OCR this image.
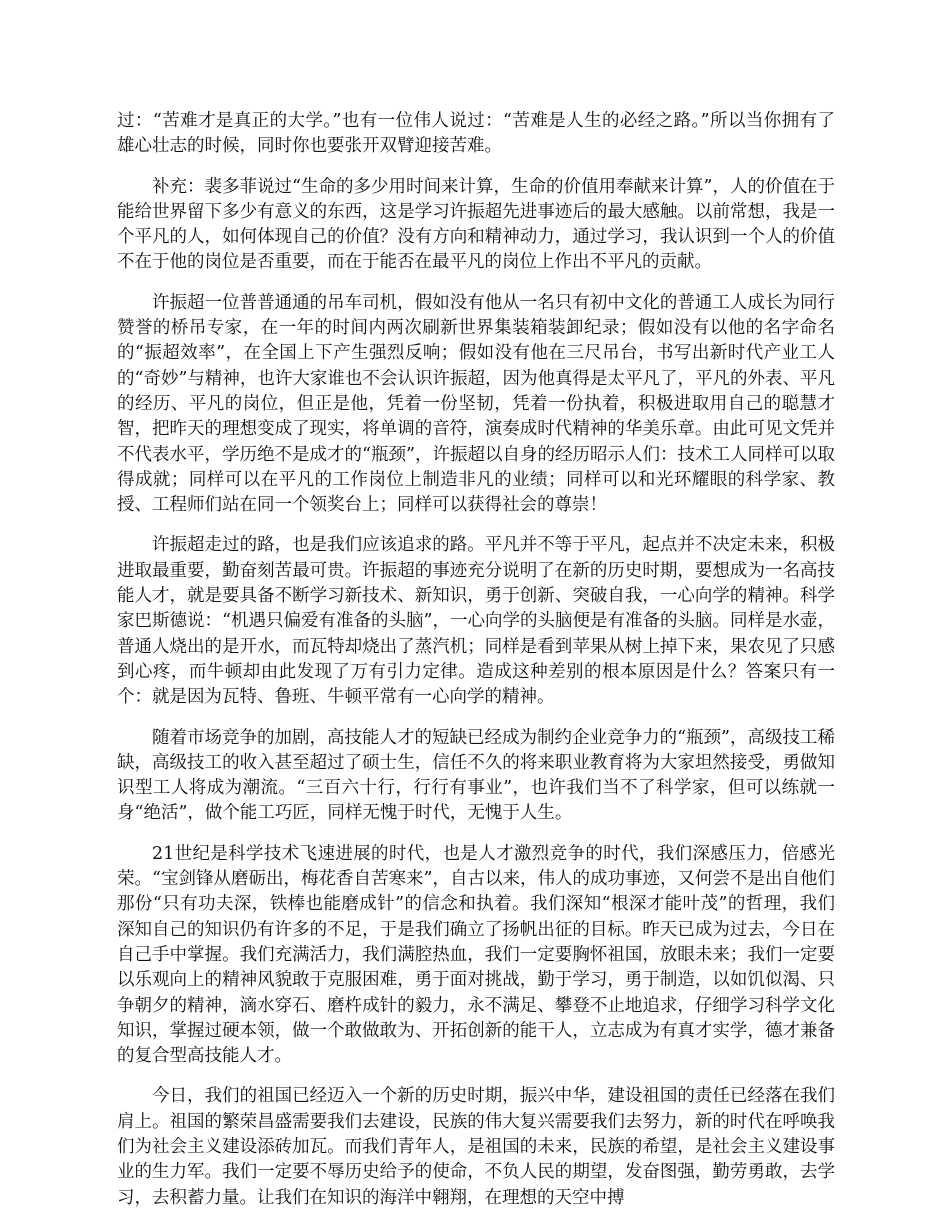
过：“苦难才是真正的大学。”也有一位伟人说过：“苦难是人生的必经之路。”所以当你拥有了雄心壮志的时候，同时你也要张开双臂迎接苦难。

补充：裴多菲说过“生命的多少用时间来计算，生命的价值用奉献来计算”，人的价值在于能给世界留下多少有意义的东西，这是学习许振超先进事迹后的最大感触。以前常想，我是一个平凡的人，如何体现自己的价值？没有方向和精神动力，通过学习，我认识到一个人的价值不在于他的岗位是否重要，而在于能否在最平凡的岗位上作出不平凡的贡献。

许振超一位普普通通的吊车司机，假如没有他从一名只有初中文化的普通工人成长为同行赞誉的桥吊专家，在一年的时间内两次刷新世界集装箱装卸纪录；假如没有以他的名字命名的“振超效率”，在全国上下产生强烈反响；假如没有他在三尺吊台，书写出新时代产业工人的“奇妙”与精神，也许大家谁也不会认识许振超，因为他真得是太平凡了，平凡的外表、平凡的经历、平凡的岗位，但正是他，凭着一份坚韧，凭着一份执着，积极进取用自己的聪慧才智，把昨天的理想变成了现实，将单调的音符，演奏成时代精神的华美乐章。由此可见文凭并不代表水平，学历绝不是成才的“瓶颈”，许振超以自身的经历昭示人们：技术工人同样可以取得成就；同样可以在平凡的工作岗位上制造非凡的业绩；同样可以和光环耀眼的科学家、教授、工程师们站在同一个领奖台上；同样可以获得社会的尊崇！

许振超走过的路，也是我们应该追求的路。平凡并不等于平凡，起点并不决定未来，积极进取最重要，勤奋刻苦最可贵。许振超的事迹充分说明了在新的历史时期，要想成为一名高技能人才，就是要具备不断学习新技术、新知识，勇于创新、突破自我，一心向学的精神。科学家巴斯德说：“机遇只偏爱有准备的头脑”，一心向学的头脑便是有准备的头脑。同样是水壶，普通人烧出的是开水，而瓦特却烧出了蒸汽机；同样是看到苹果从树上掉下来，果农见了只感到心疼，而牛顿却由此发现了万有引力定律。造成这种差别的根本原因是什么？答案只有一个：就是因为瓦特、鲁班、牛顿平常有一心向学的精神。

随着市场竞争的加剧，高技能人才的短缺已经成为制约企业竞争力的“瓶颈”，高级技工稀缺，高级技工的收入甚至超过了硕士生，信任不久的将来职业教育将为大家坦然接受，勇做知识型工人将成为潮流。“三百六十行，行行有事业”，也许我们当不了科学家，但可以练就一身“绝活”，做个能工巧匠，同样无愧于时代，无愧于人生。

21世纪是科学技术飞速进展的时代，也是人才激烈竞争的时代，我们深感压力，倍感光荣。“宝剑锋从磨砺出，梅花香自苦寒来”，自古以来，伟人的成功事迹，又何尝不是出自他们那份“只有功夫深，铁棒也能磨成针”的信念和执着。我们深知“根深才能叶茂”的哲理，我们深知自己的知识仍有许多的不足，于是我们确立了扬帆出征的目标。昨天已成为过去，今日在自己手中掌握。我们充满活力，我们满腔热血，我们一定要胸怀祖国，放眼未来；我们一定要以乐观向上的精神风貌敢于克服困难，勇于面对挑战，勤于学习，勇于制造，以如饥似渴、只争朝夕的精神，滴水穿石、磨杵成针的毅力，永不满足、攀登不止地追求，仔细学习科学文化知识，掌握过硬本领，做一个敢做敢为、开拓创新的能干人，立志成为有真才实学，德才兼备的复合型高技能人才。

今日，我们的祖国已经迈入一个新的历史时期，振兴中华，建设祖国的责任已经落在我们肩上。祖国的繁荣昌盛需要我们去建设，民族的伟大复兴需要我们去努力，新的时代在呼唤我们为社会主义建设添砖加瓦。而我们青年人，是祖国的未来，民族的希望，是社会主义建设事业的生力军。我们一定要不辱历史给予的使命，不负人民的期望，发奋图强，勤劳勇敢，去学习，去积蓄力量。让我们在知识的海洋中翱翔，在理想的天空中搏
